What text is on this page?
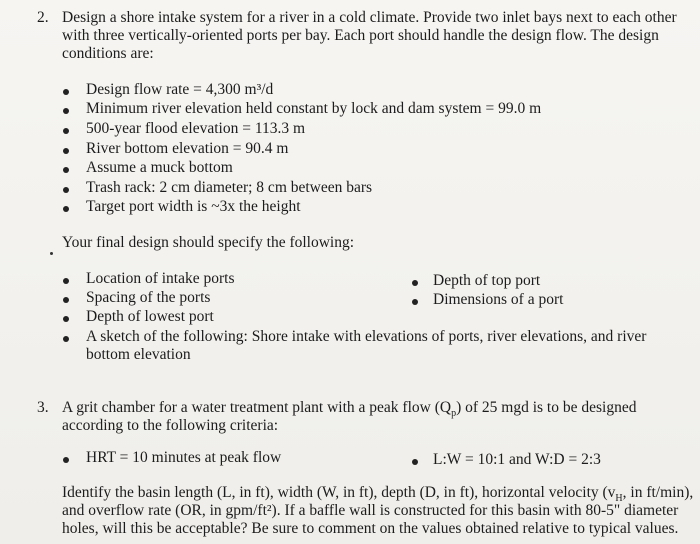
2. Design a shore intake system for a river in a cold climate. Provide two inlet bays next to each other
with three vertically-oriented ports per bay. Each port should handle the design flow. The design
conditions are:
Design flow rate = 4,300 m³/d
Minimum river elevation held constant by lock and dam system = 99.0 m
500-year flood elevation = 113.3 m
River bottom elevation = 90.4 m
Assume a muck bottom
Trash rack: 2 cm diameter; 8 cm between bars
Target port width is ~3x the height
Your final design should specify the following:
Location of intake ports	Depth of top port
Spacing of the ports	Dimensions of a port
Depth of lowest port
A sketch of the following: Shore intake with elevations of ports, river elevations, and river
bottom elevation
3. A grit chamber for a water treatment plant with a peak flow $(Q_p)$ of 25 mgd is to be designed
according to the following criteria:
HRT = 10 minutes at peak flow	L:W = 10:1 and W:D = 2:3
Identify the basin length (L, in ft), width (W, in ft), depth (D, in ft), horizontal velocity ($v_H$, in ft/min),
and overflow rate (OR, in gpm/ft²). If a baffle wall is constructed for this basin with 80-5" diameter
holes, will this be acceptable? Be sure to comment on the values obtained relative to typical values.
